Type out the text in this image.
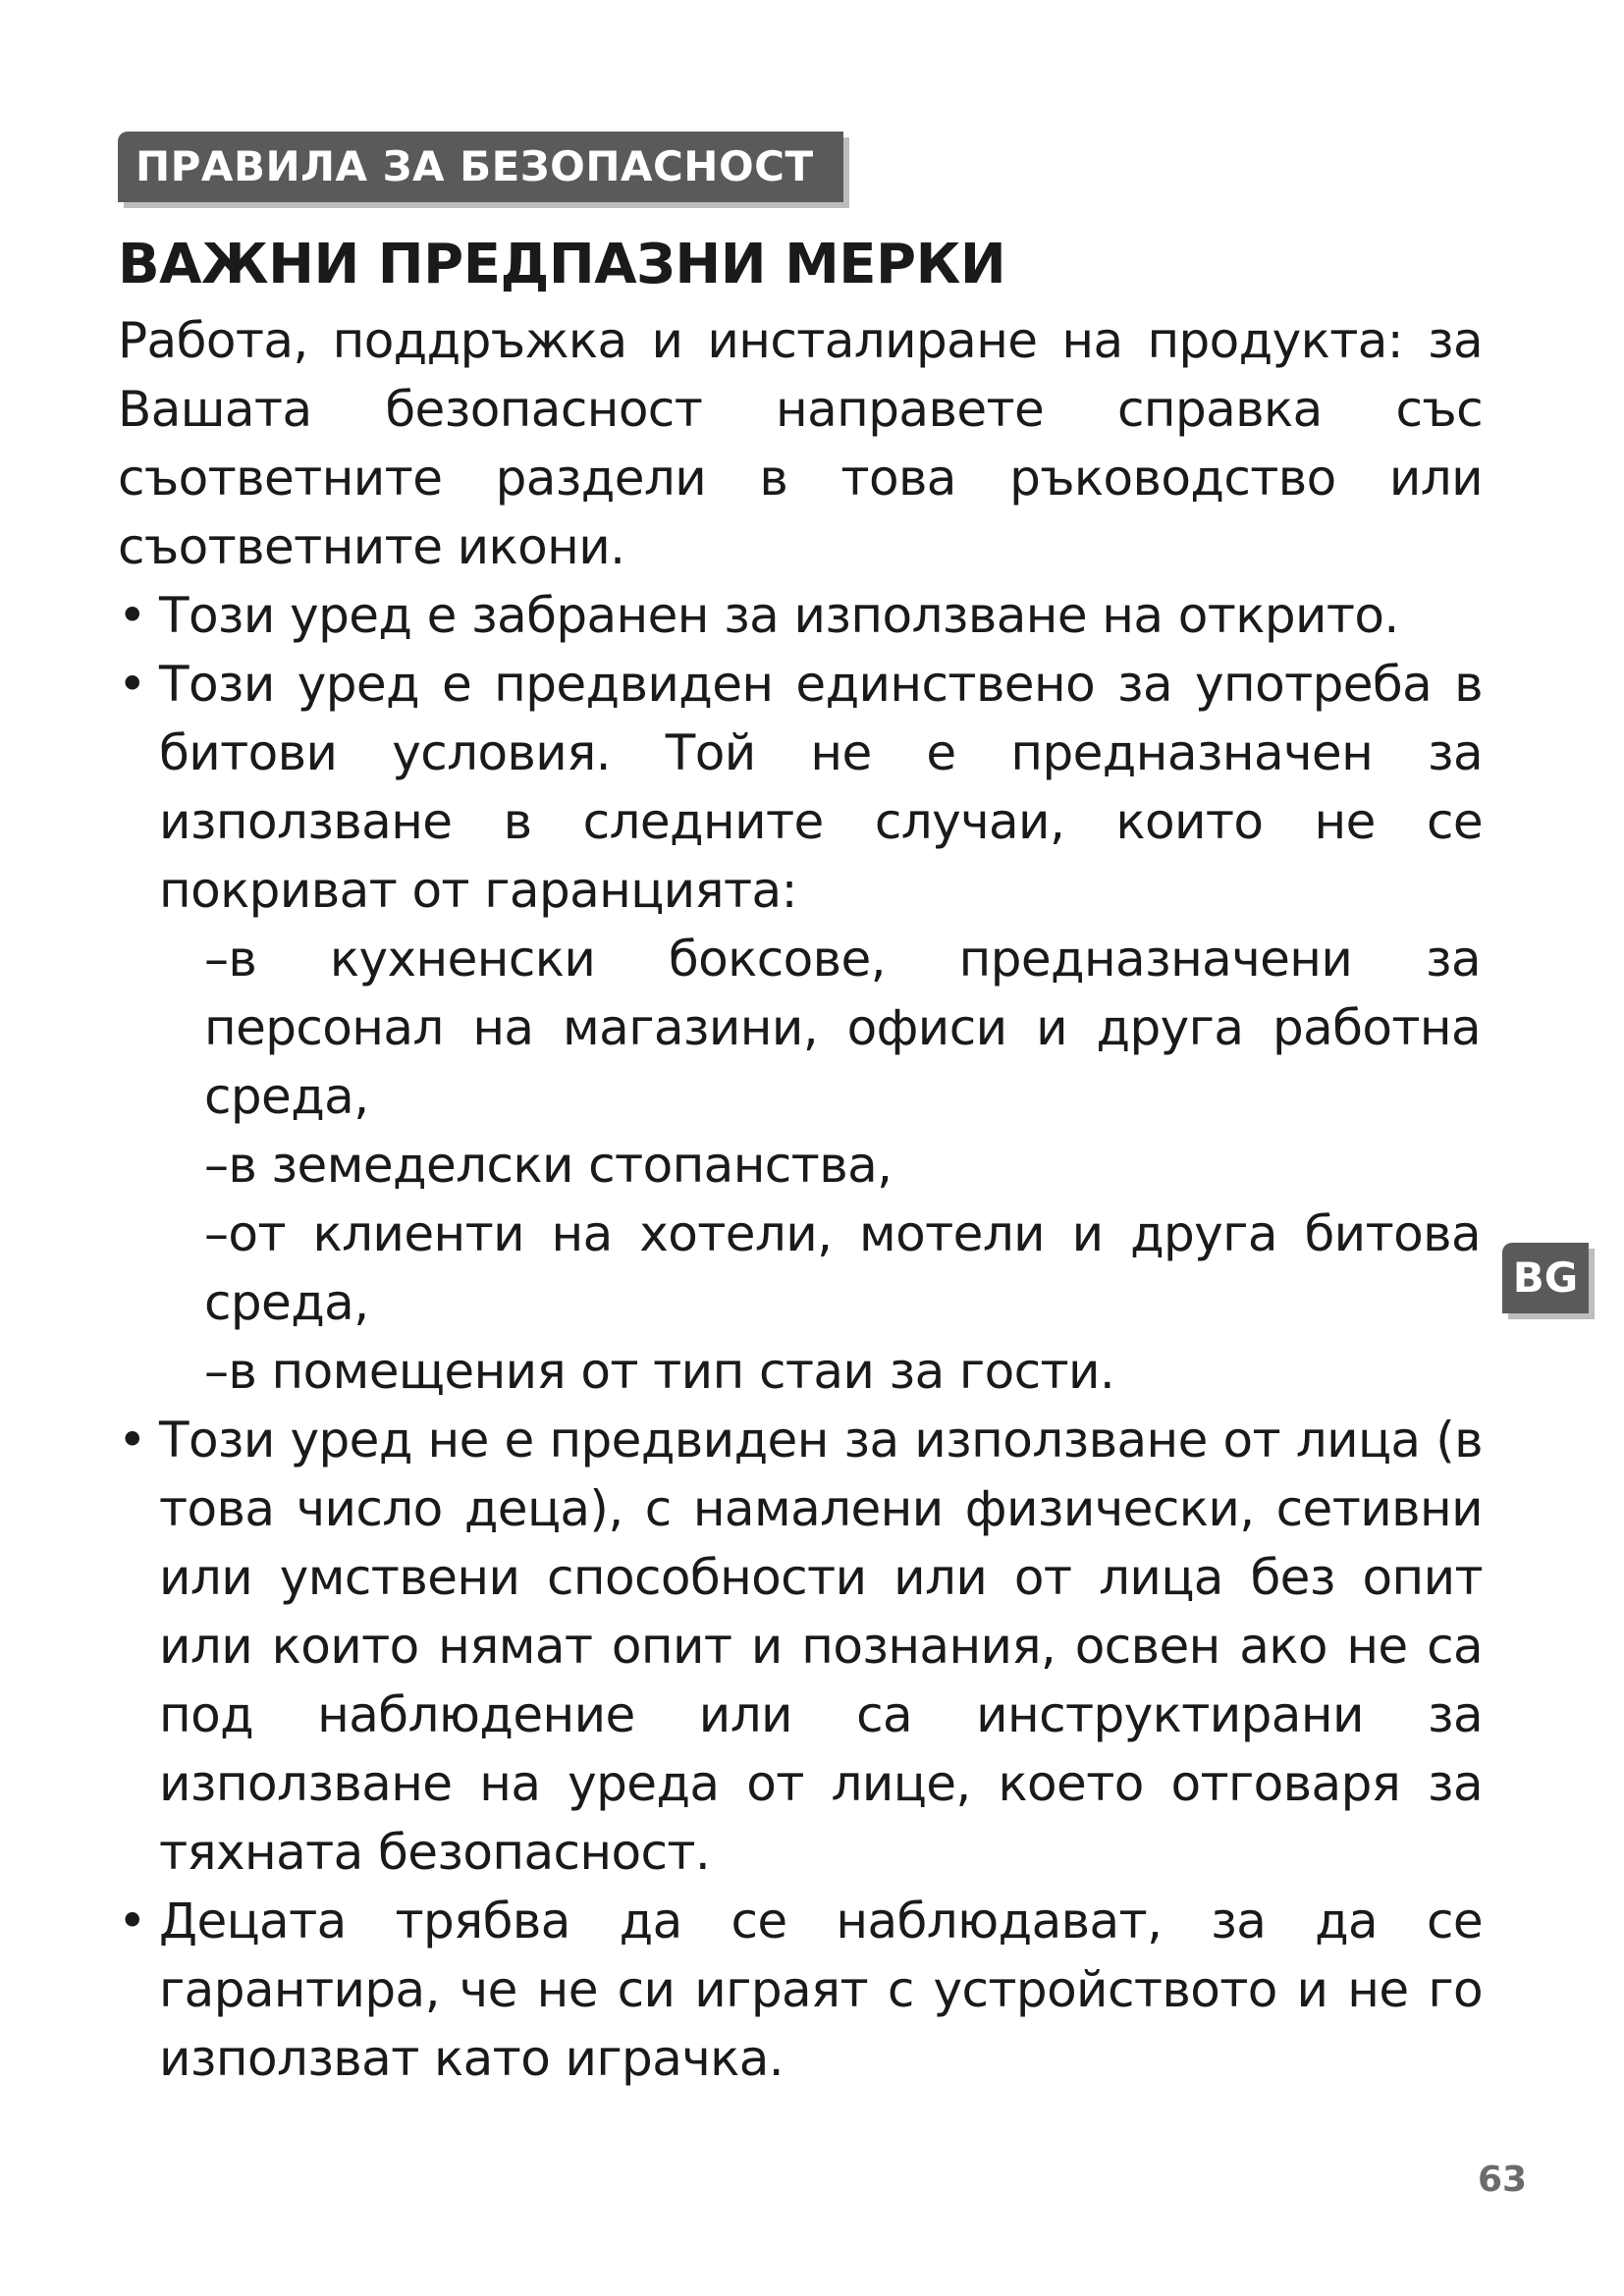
ПРАВИЛА ЗА БЕЗОПАСНОСТ
ВАЖНИ ПРЕДПАЗНИ МЕРКИ

Работа, поддръжка и инсталиране на продукта: за Вашата безопасност направете справка със съответните раздели в това ръководство или съответните икони.

• Този уред е забранен за използване на открито.
• Този уред е предвиден единствено за употреба в битови условия. Той не е предназначен за използване в следните случаи, които не се покриват от гаранцията:
–в кухненски боксове, предназначени за персонал на магазини, офиси и друга работна среда,
–в земеделски стопанства,
–от клиенти на хотели, мотели и друга битова среда,
–в помещения от тип стаи за гости.
• Този уред не е предвиден за използване от лица (в това число деца), с намалени физически, сетивни или умствени способности или от лица без опит или които нямат опит и познания, освен ако не са под наблюдение или са инструктирани за използване на уреда от лице, което отговаря за тяхната безопасност.
• Децата трябва да се наблюдават, за да се гарантира, че не си играят с устройството и не го използват като играчка.
BG
63
